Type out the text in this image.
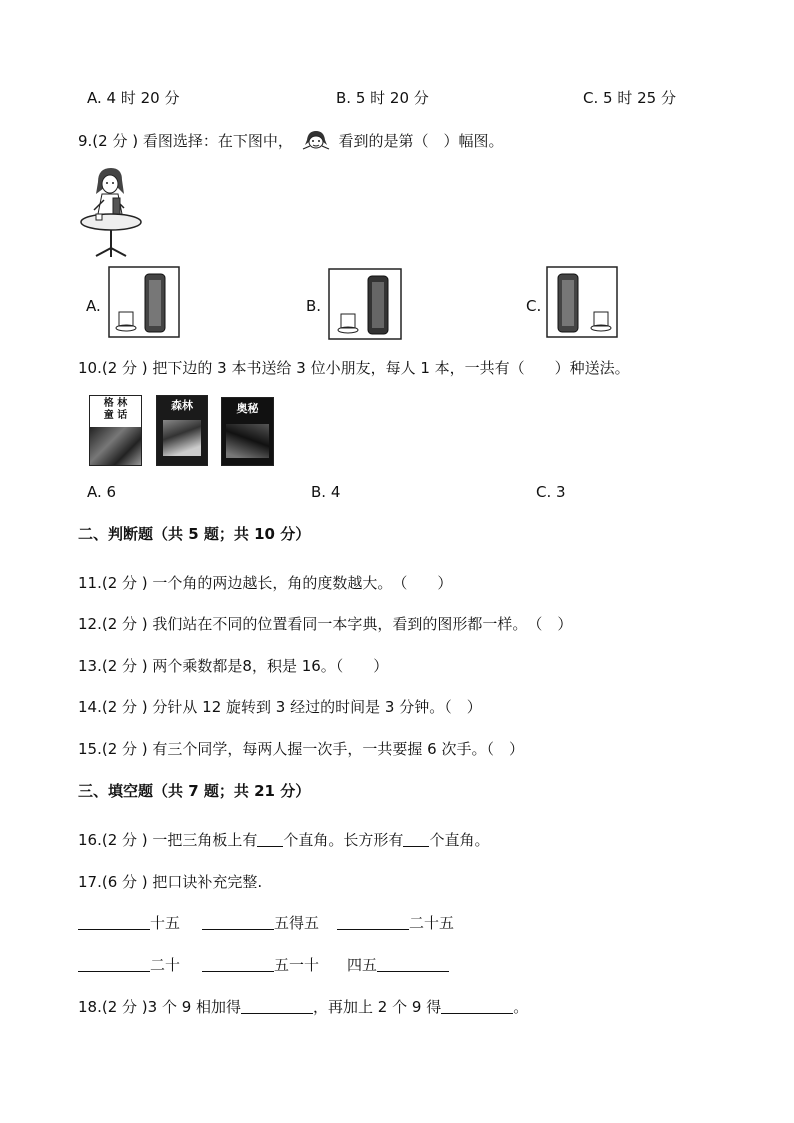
A. 4 时 20 分	B. 5 时 20 分	C. 5 时 25 分
9.(2 分 ) 看图选择：在下图中，	看到的是第（　）幅图。
A.	B.	C.
10.(2 分 ) 把下边的 3 本书送给 3 位小朋友，每人 1 本，一共有（　　）种送法。
格 林
童 话
森林	奥秘
A. 6	B. 4	C. 3
二、判断题（共 5 题；共 10 分）
11.(2 分 ) 一个角的两边越长，角的度数越大。　（　　）
12.(2 分 ) 我们站在不同的位置看同一本字典，看到的图形都一样。　（　）
13.(2 分 ) 两个乘数都是8，积是 16。（　　）
14.(2 分 ) 分针从 12 旋转到 3 经过的时间是 3 分钟。（　）
15.(2 分 ) 有三个同学，每两人握一次手，一共要握 6 次手。（　）
三、填空题（共 7 题；共 21 分）
16.(2 分 ) 一把三角板上有 个直角。长方形有 个直角。
17.(6 分 ) 把口诀补充完整.
十五	五得五	二十五
二十	五一十 四五
18.(2 分 )3 个 9 相加得	，再加上 2 个 9 得	。
